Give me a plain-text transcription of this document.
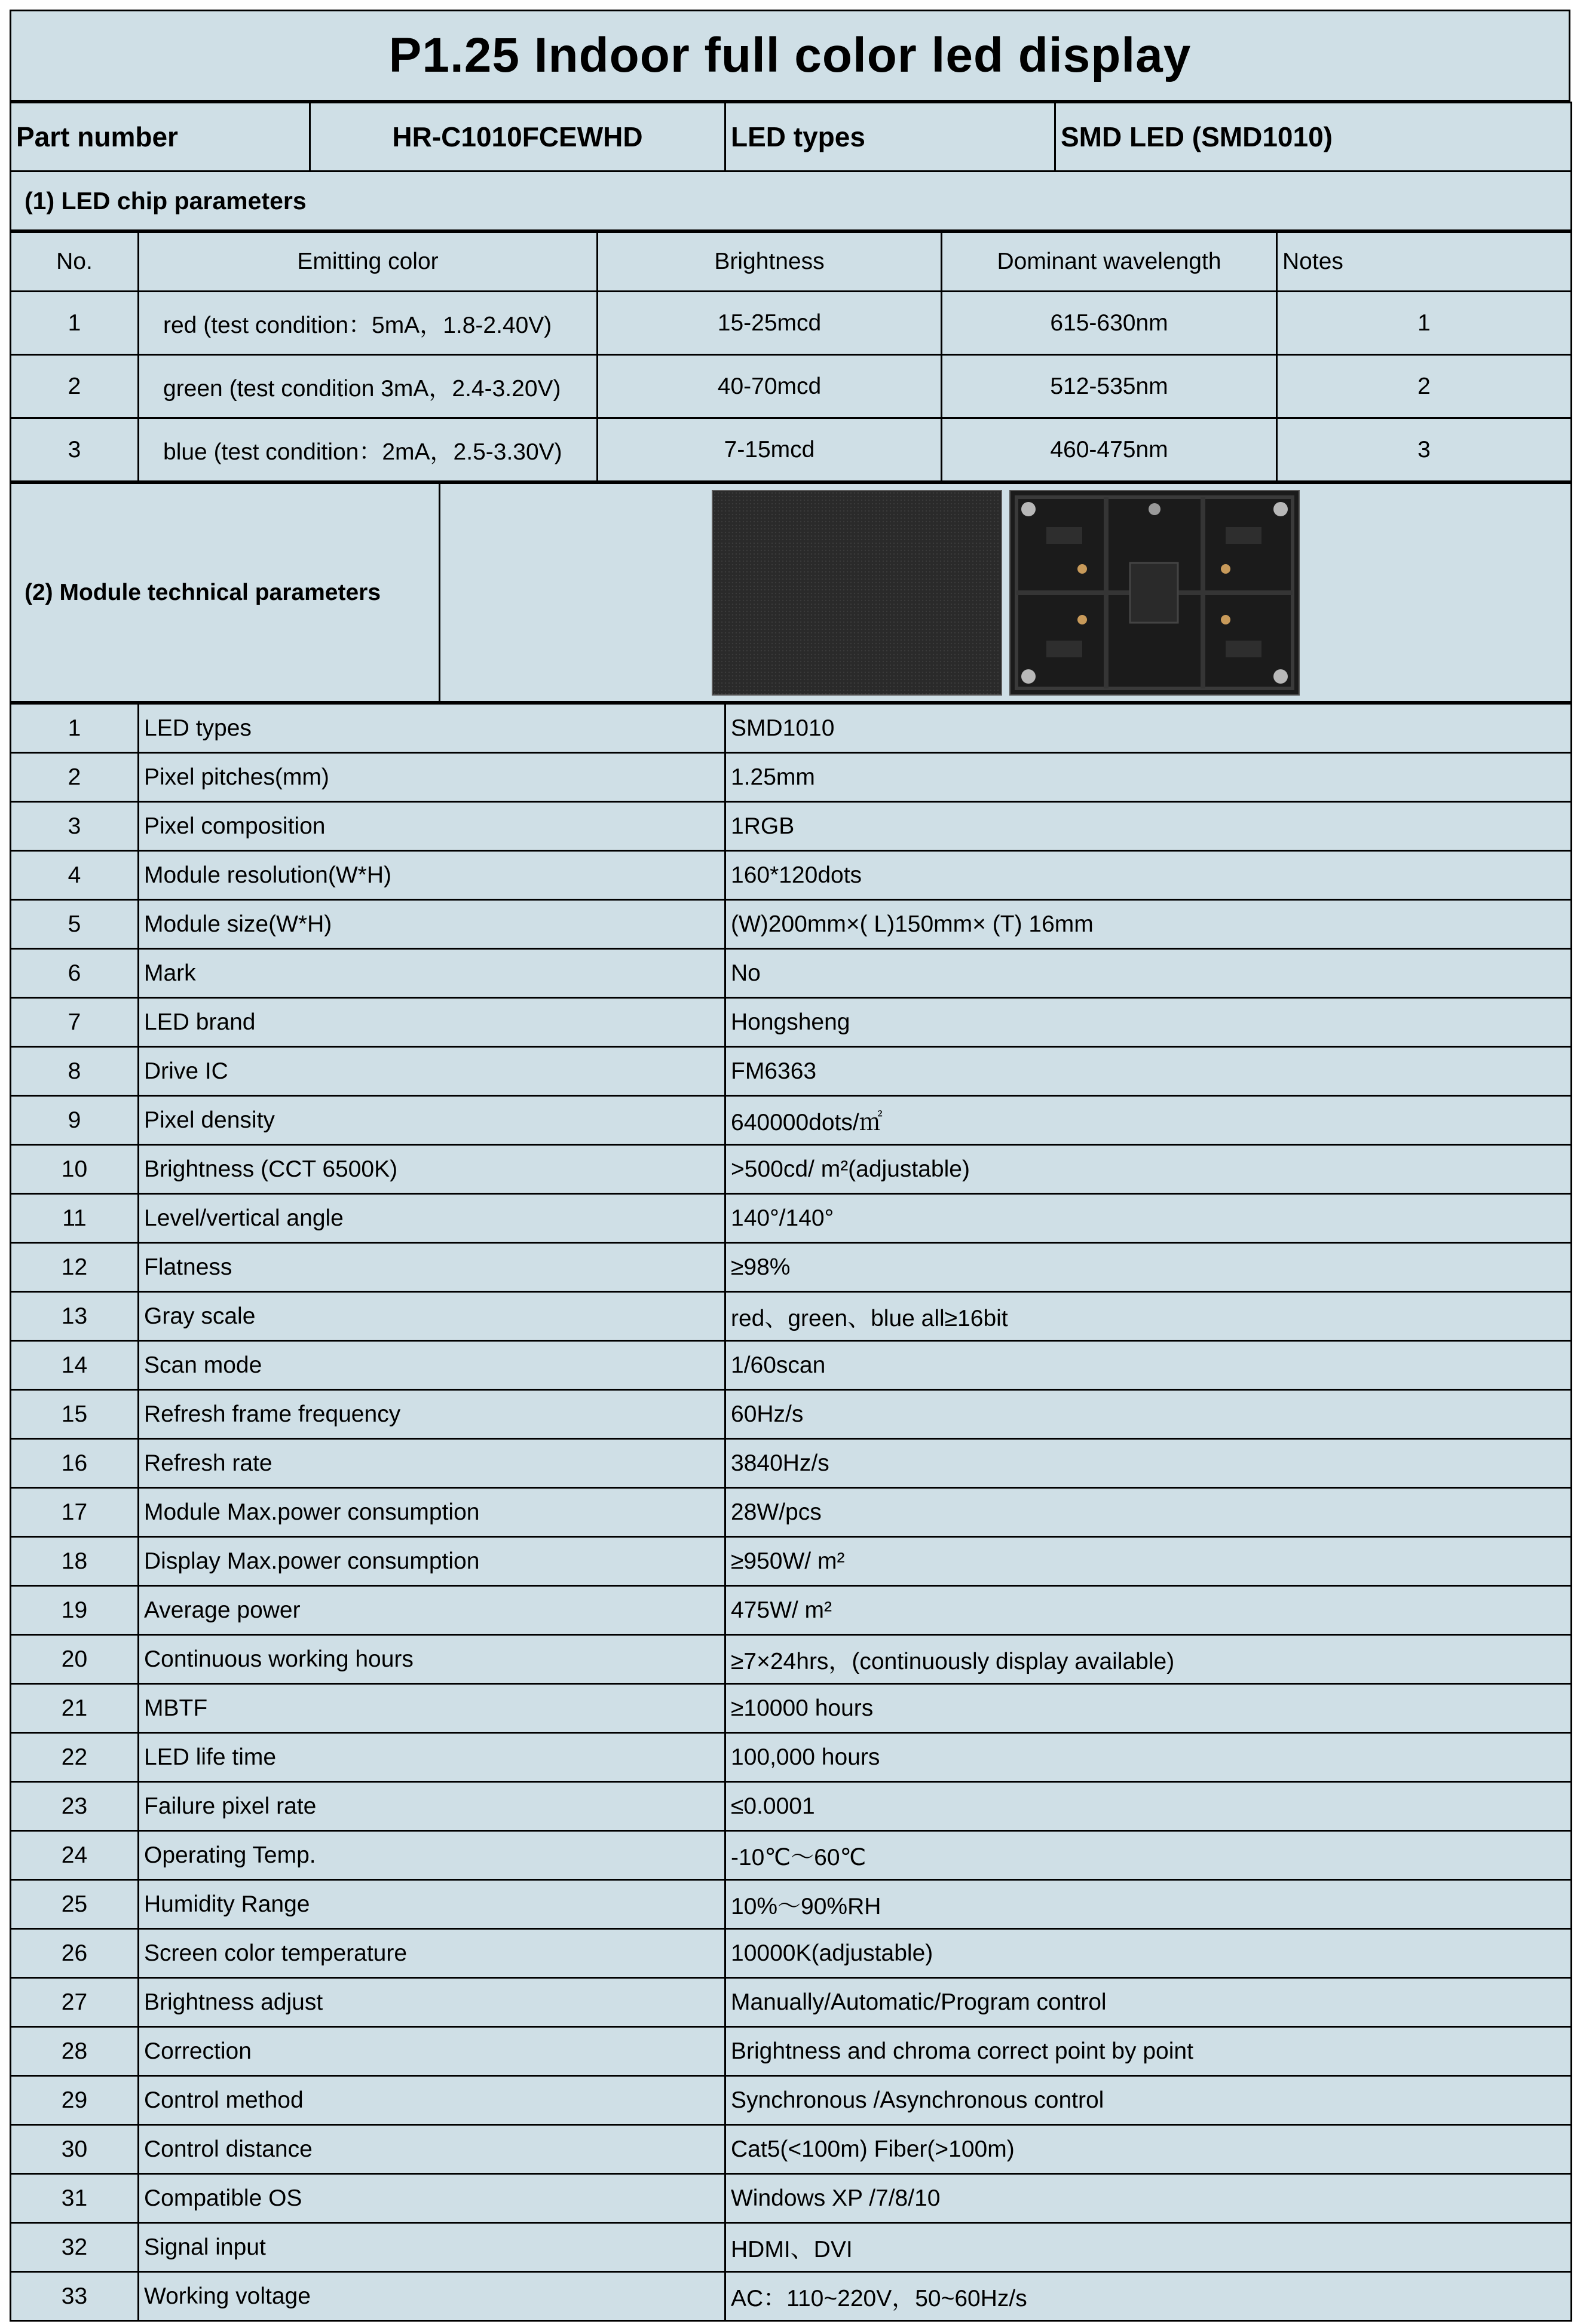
P1.25 Indoor full color led display
Part number	HR-C1010FCEWHD	LED types	SMD LED (SMD1010)
(1) LED chip parameters
No.	Emitting color	Brightness	Dominant wavelength	Notes
1	red (test condition：5mA，1.8-2.40V)	15-25mcd	615-630nm	1
2	green (test condition 3mA，2.4-3.20V)	40-70mcd	512-535nm	2
3	blue (test condition：2mA，2.5-3.30V)	7-15mcd	460-475nm	3
(2) Module technical parameters	
1	LED types	SMD1010
2	Pixel pitches(mm)	1.25mm
3	Pixel composition	1RGB
4	Module resolution(W*H)	160*120dots
5	Module size(W*H)	(W)200mm×( L)150mm× (T) 16mm
6	Mark	No
7	LED brand	Hongsheng
8	Drive IC	FM6363
9	Pixel density	640000dots/㎡
10	Brightness (CCT 6500K)	>500cd/ m²(adjustable)
11	Level/vertical angle	140°/140°
12	Flatness	≥98%
13	Gray scale	red、green、blue all≥16bit
14	Scan mode	1/60scan
15	Refresh frame frequency	60Hz/s
16	Refresh rate	3840Hz/s
17	Module Max.power consumption	28W/pcs
18	Display Max.power consumption	≥950W/ m²
19	Average power	475W/ m²
20	Continuous working hours	≥7×24hrs，(continuously display available)
21	MBTF	≥10000 hours
22	LED life time	100,000 hours
23	Failure pixel rate	≤0.0001
24	Operating Temp.	-10℃～60℃
25	Humidity Range	10%～90%RH
26	Screen color temperature	10000K(adjustable)
27	Brightness adjust	Manually/Automatic/Program control
28	Correction	Brightness and chroma correct point by point
29	Control method	Synchronous /Asynchronous control
30	Control distance	Cat5(<100m) Fiber(>100m)
31	Compatible OS	Windows XP /7/8/10
32	Signal input	HDMI、DVI
33	Working voltage	AC：110~220V，50~60Hz/s
